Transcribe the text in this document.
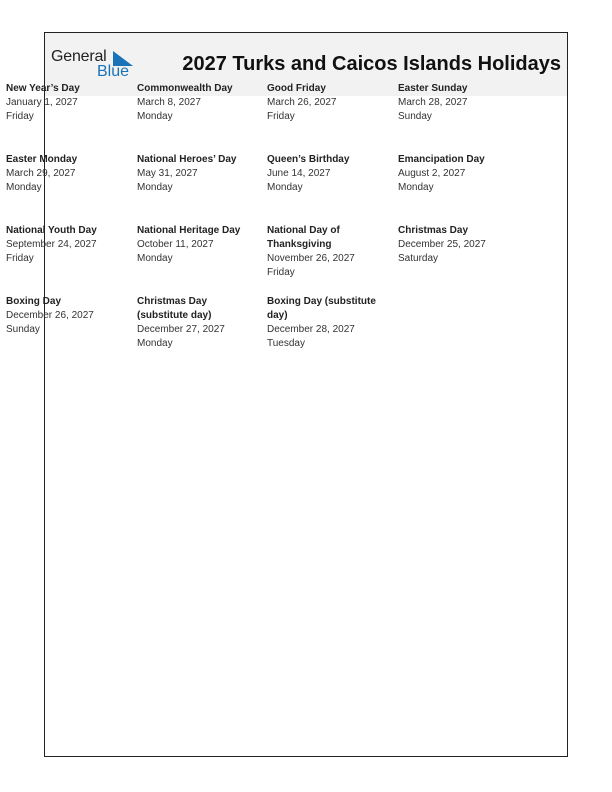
General
Blue	2027 Turks and Caicos Islands Holidays
New Year’s Day
January 1, 2027
Friday
Commonwealth Day
March 8, 2027
Monday
Good Friday
March 26, 2027
Friday
Easter Sunday
March 28, 2027
Sunday
Easter Monday
March 29, 2027
Monday
National Heroes’ Day
May 31, 2027
Monday
Queen’s Birthday
June 14, 2027
Monday
Emancipation Day
August 2, 2027
Monday
National Youth Day
September 24, 2027
Friday
National Heritage Day
October 11, 2027
Monday
National Day of Thanksgiving
November 26, 2027
Friday
Christmas Day
December 25, 2027
Saturday
Boxing Day
December 26, 2027
Sunday
Christmas Day (substitute day)
December 27, 2027
Monday
Boxing Day (substitute day)
December 28, 2027
Tuesday
